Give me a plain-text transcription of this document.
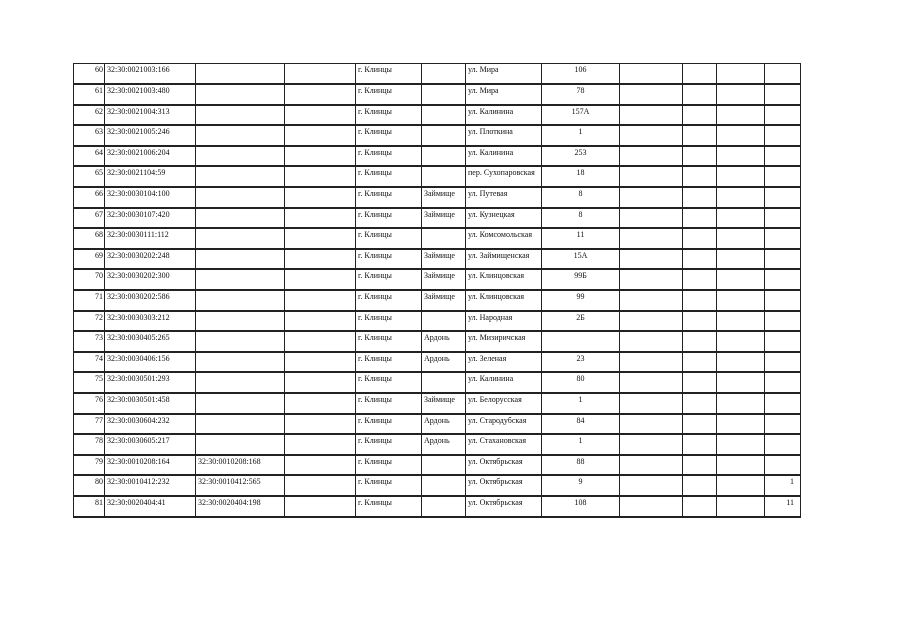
60	32:30:0021003:166			г. Клинцы		ул. Мира	106				
61	32:30:0021003:480			г. Клинцы		ул. Мира	78				
62	32:30:0021004:313			г. Клинцы		ул. Калинина	157А				
63	32:30:0021005:246			г. Клинцы		ул. Плоткина	1				
64	32:30:0021006:204			г. Клинцы		ул. Калинина	253				
65	32:30:0021104:59			г. Клинцы		пер. Сухопаровская	18				
66	32:30:0030104:100			г. Клинцы	Займище	ул. Путевая	8				
67	32:30:0030107:420			г. Клинцы	Займище	ул. Кузнецкая	8				
68	32:30:0030111:112			г. Клинцы		ул. Комсомольская	11				
69	32:30:0030202:248			г. Клинцы	Займище	ул. Займищенская	15А				
70	32:30:0030202:300			г. Клинцы	Займище	ул. Клинцовская	99Б				
71	32:30:0030202:586			г. Клинцы	Займище	ул. Клинцовская	99				
72	32:30:0030303:212			г. Клинцы		ул. Народная	2Б				
73	32:30:0030405:265			г. Клинцы	Ардонь	ул. Мизиричская					
74	32:30:0030406:156			г. Клинцы	Ардонь	ул. Зеленая	23				
75	32:30:0030501:293			г. Клинцы		ул. Калинина	80				
76	32:30:0030501:458			г. Клинцы	Займище	ул. Белорусская	1				
77	32:30:0030604:232			г. Клинцы	Ардонь	ул. Стародубская	84				
78	32:30:0030605:217			г. Клинцы	Ардонь	ул. Стахановская	1				
79	32:30:0010208:164	32:30:0010208:168		г. Клинцы		ул. Октябрьская	88				
80	32:30:0010412:232	32:30:0010412:565		г. Клинцы		ул. Октябрьская	9				1
81	32:30:0020404:41	32:30:0020404:198		г. Клинцы		ул. Октябрьская	108				11
